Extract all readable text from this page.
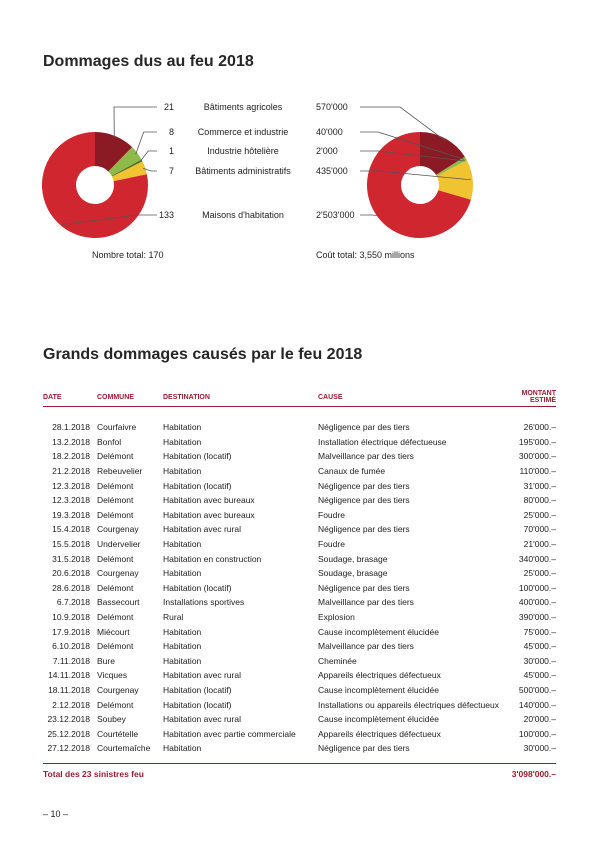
Dommages dus au feu 2018
21
8
1
7
133
Bâtiments agricoles
Commerce et industrie
Industrie hôtelière
Bâtiments administratifs
Maisons d'habitation
570'000
40'000
2'000
435'000
2'503'000
Nombre total: 170	Coût total: 3,550 millions
Grands dommages causés par le feu 2018
DATE	COMMUNE	DESTINATION	CAUSE	MONTANT ESTIMÉ

28.1.2018	Courfaivre	Habitation	Négligence par des tiers	26'000.–
13.2.2018	Bonfol	Habitation	Installation électrique défectueuse	195'000.–
18.2.2018	Delémont	Habitation (locatif)	Malveillance par des tiers	300'000.–
21.2.2018	Rebeuvelier	Habitation	Canaux de fumée	110'000.–
12.3.2018	Delémont	Habitation (locatif)	Négligence par des tiers	31'000.–
12.3.2018	Delémont	Habitation avec bureaux	Négligence par des tiers	80'000.–
19.3.2018	Delémont	Habitation avec bureaux	Foudre	25'000.–
15.4.2018	Courgenay	Habitation avec rural	Négligence par des tiers	70'000.–
15.5.2018	Undervelier	Habitation	Foudre	21'000.–
31.5.2018	Delémont	Habitation en construction	Soudage, brasage	340'000.–
20.6.2018	Courgenay	Habitation	Soudage, brasage	25'000.–
28.6.2018	Delémont	Habitation (locatif)	Négligence par des tiers	100'000.–
6.7.2018	Bassecourt	Installations sportives	Malveillance par des tiers	400'000.–
10.9.2018	Delémont	Rural	Explosion	390'000.–
17.9.2018	Miécourt	Habitation	Cause incomplètement élucidée	75'000.–
6.10.2018	Delémont	Habitation	Malveillance par des tiers	45'000.–
7.11.2018	Bure	Habitation	Cheminée	30'000.–
14.11.2018	Vicques	Habitation avec rural	Appareils électriques défectueux	45'000.–
18.11.2018	Courgenay	Habitation (locatif)	Cause incomplètement élucidée	500'000.–
2.12.2018	Delémont	Habitation (locatif)	Installations ou appareils électriques défectueux	140'000.–
23.12.2018	Soubey	Habitation avec rural	Cause incomplètement élucidée	20'000.–
25.12.2018	Courtételle	Habitation avec partie commerciale	Appareils électriques défectueux	100'000.–
27.12.2018	Courtemaîche	Habitation	Négligence par des tiers	30'000.–
Total des 23 sinistres feu	3'098'000.–
– 10 –
